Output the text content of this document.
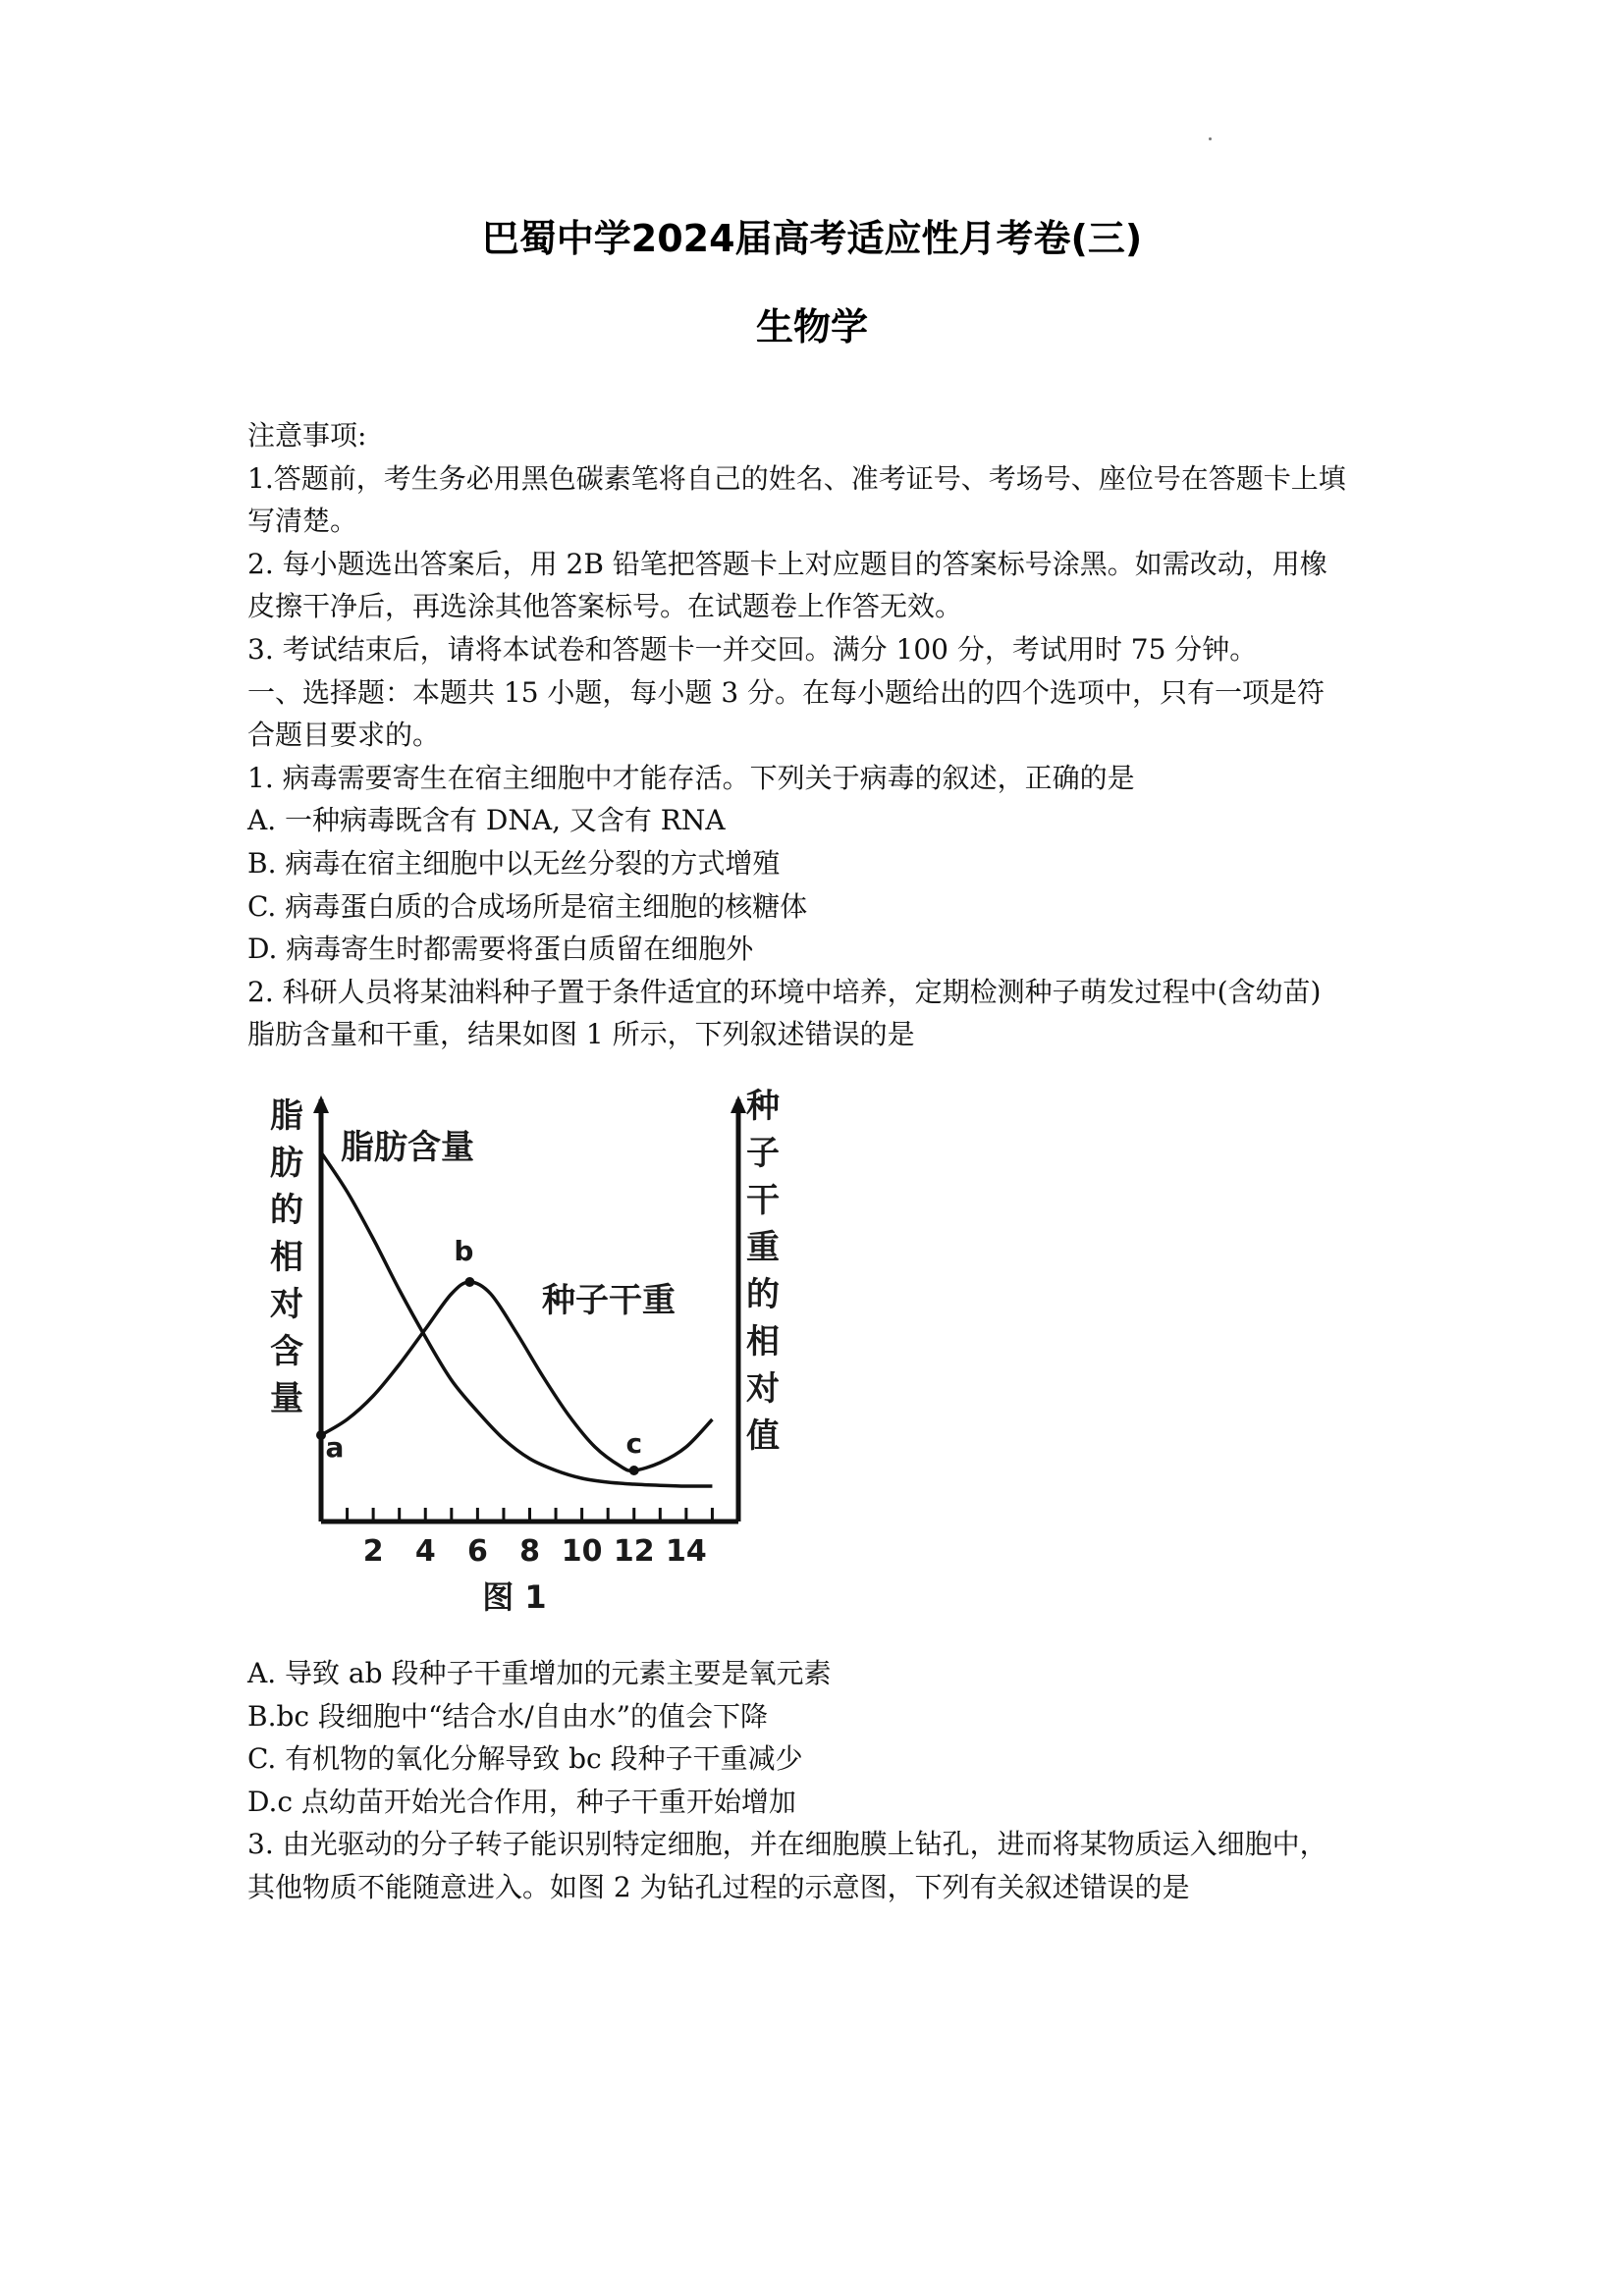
巴蜀中学2024届高考适应性月考卷(三)
生物学
注意事项:
1.答题前，考生务必用黑色碳素笔将自己的姓名、准考证号、考场号、座位号在答题卡上填
写清楚。
2. 每小题选出答案后，用 2B 铅笔把答题卡上对应题目的答案标号涂黑。如需改动，用橡
皮擦干净后，再选涂其他答案标号。在试题卷上作答无效。
3. 考试结束后，请将本试卷和答题卡一并交回。满分 100 分，考试用时 75 分钟。
一、选择题：本题共 15 小题，每小题 3 分。在每小题给出的四个选项中，只有一项是符
合题目要求的。
1. 病毒需要寄生在宿主细胞中才能存活。下列关于病毒的叙述，正确的是
A. 一种病毒既含有 DNA, 又含有 RNA
B. 病毒在宿主细胞中以无丝分裂的方式增殖
C. 病毒蛋白质的合成场所是宿主细胞的核糖体
D. 病毒寄生时都需要将蛋白质留在细胞外
2. 科研人员将某油料种子置于条件适宜的环境中培养，定期检测种子萌发过程中(含幼苗)
脂肪含量和干重，结果如图 1 所示，下列叙述错误的是
2 4 6 8 10 12 14
a
b
c
脂
肪
的
相
对
含
量
种
子
干
重
的
相
对
值
脂肪含量
种子干重
图 1
A. 导致 ab 段种子干重增加的元素主要是氧元素
B.bc 段细胞中“结合水/自由水”的值会下降
C. 有机物的氧化分解导致 bc 段种子干重减少
D.c 点幼苗开始光合作用，种子干重开始增加
3. 由光驱动的分子转子能识别特定细胞，并在细胞膜上钻孔，进而将某物质运入细胞中，
其他物质不能随意进入。如图 2 为钻孔过程的示意图，下列有关叙述错误的是
